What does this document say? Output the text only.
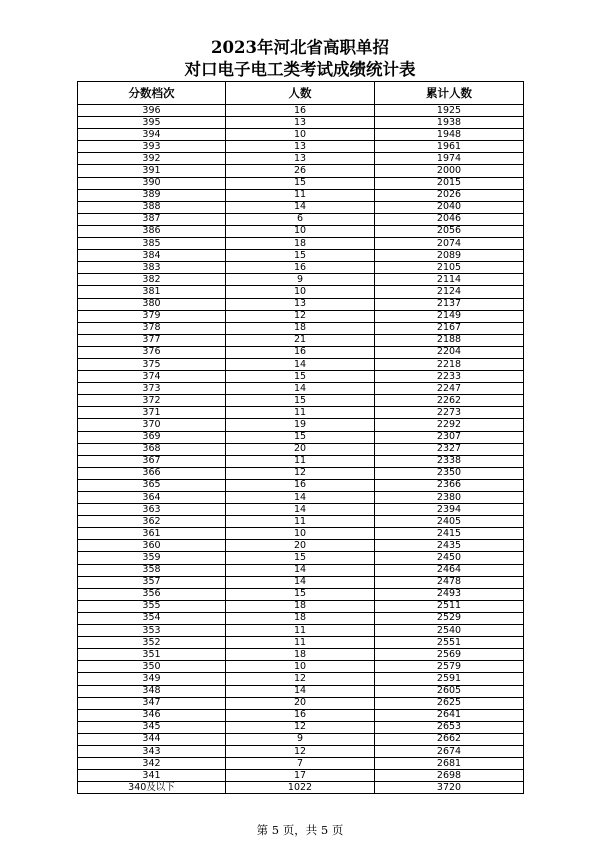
2023年河北省高职单招
对口电子电工类考试成绩统计表
分数档次	人数	累计人数
396	16	1925
395	13	1938
394	10	1948
393	13	1961
392	13	1974
391	26	2000
390	15	2015
389	11	2026
388	14	2040
387	6	2046
386	10	2056
385	18	2074
384	15	2089
383	16	2105
382	9	2114
381	10	2124
380	13	2137
379	12	2149
378	18	2167
377	21	2188
376	16	2204
375	14	2218
374	15	2233
373	14	2247
372	15	2262
371	11	2273
370	19	2292
369	15	2307
368	20	2327
367	11	2338
366	12	2350
365	16	2366
364	14	2380
363	14	2394
362	11	2405
361	10	2415
360	20	2435
359	15	2450
358	14	2464
357	14	2478
356	15	2493
355	18	2511
354	18	2529
353	11	2540
352	11	2551
351	18	2569
350	10	2579
349	12	2591
348	14	2605
347	20	2625
346	16	2641
345	12	2653
344	9	2662
343	12	2674
342	7	2681
341	17	2698
340及以下	1022	3720
第 5 页，共 5 页
